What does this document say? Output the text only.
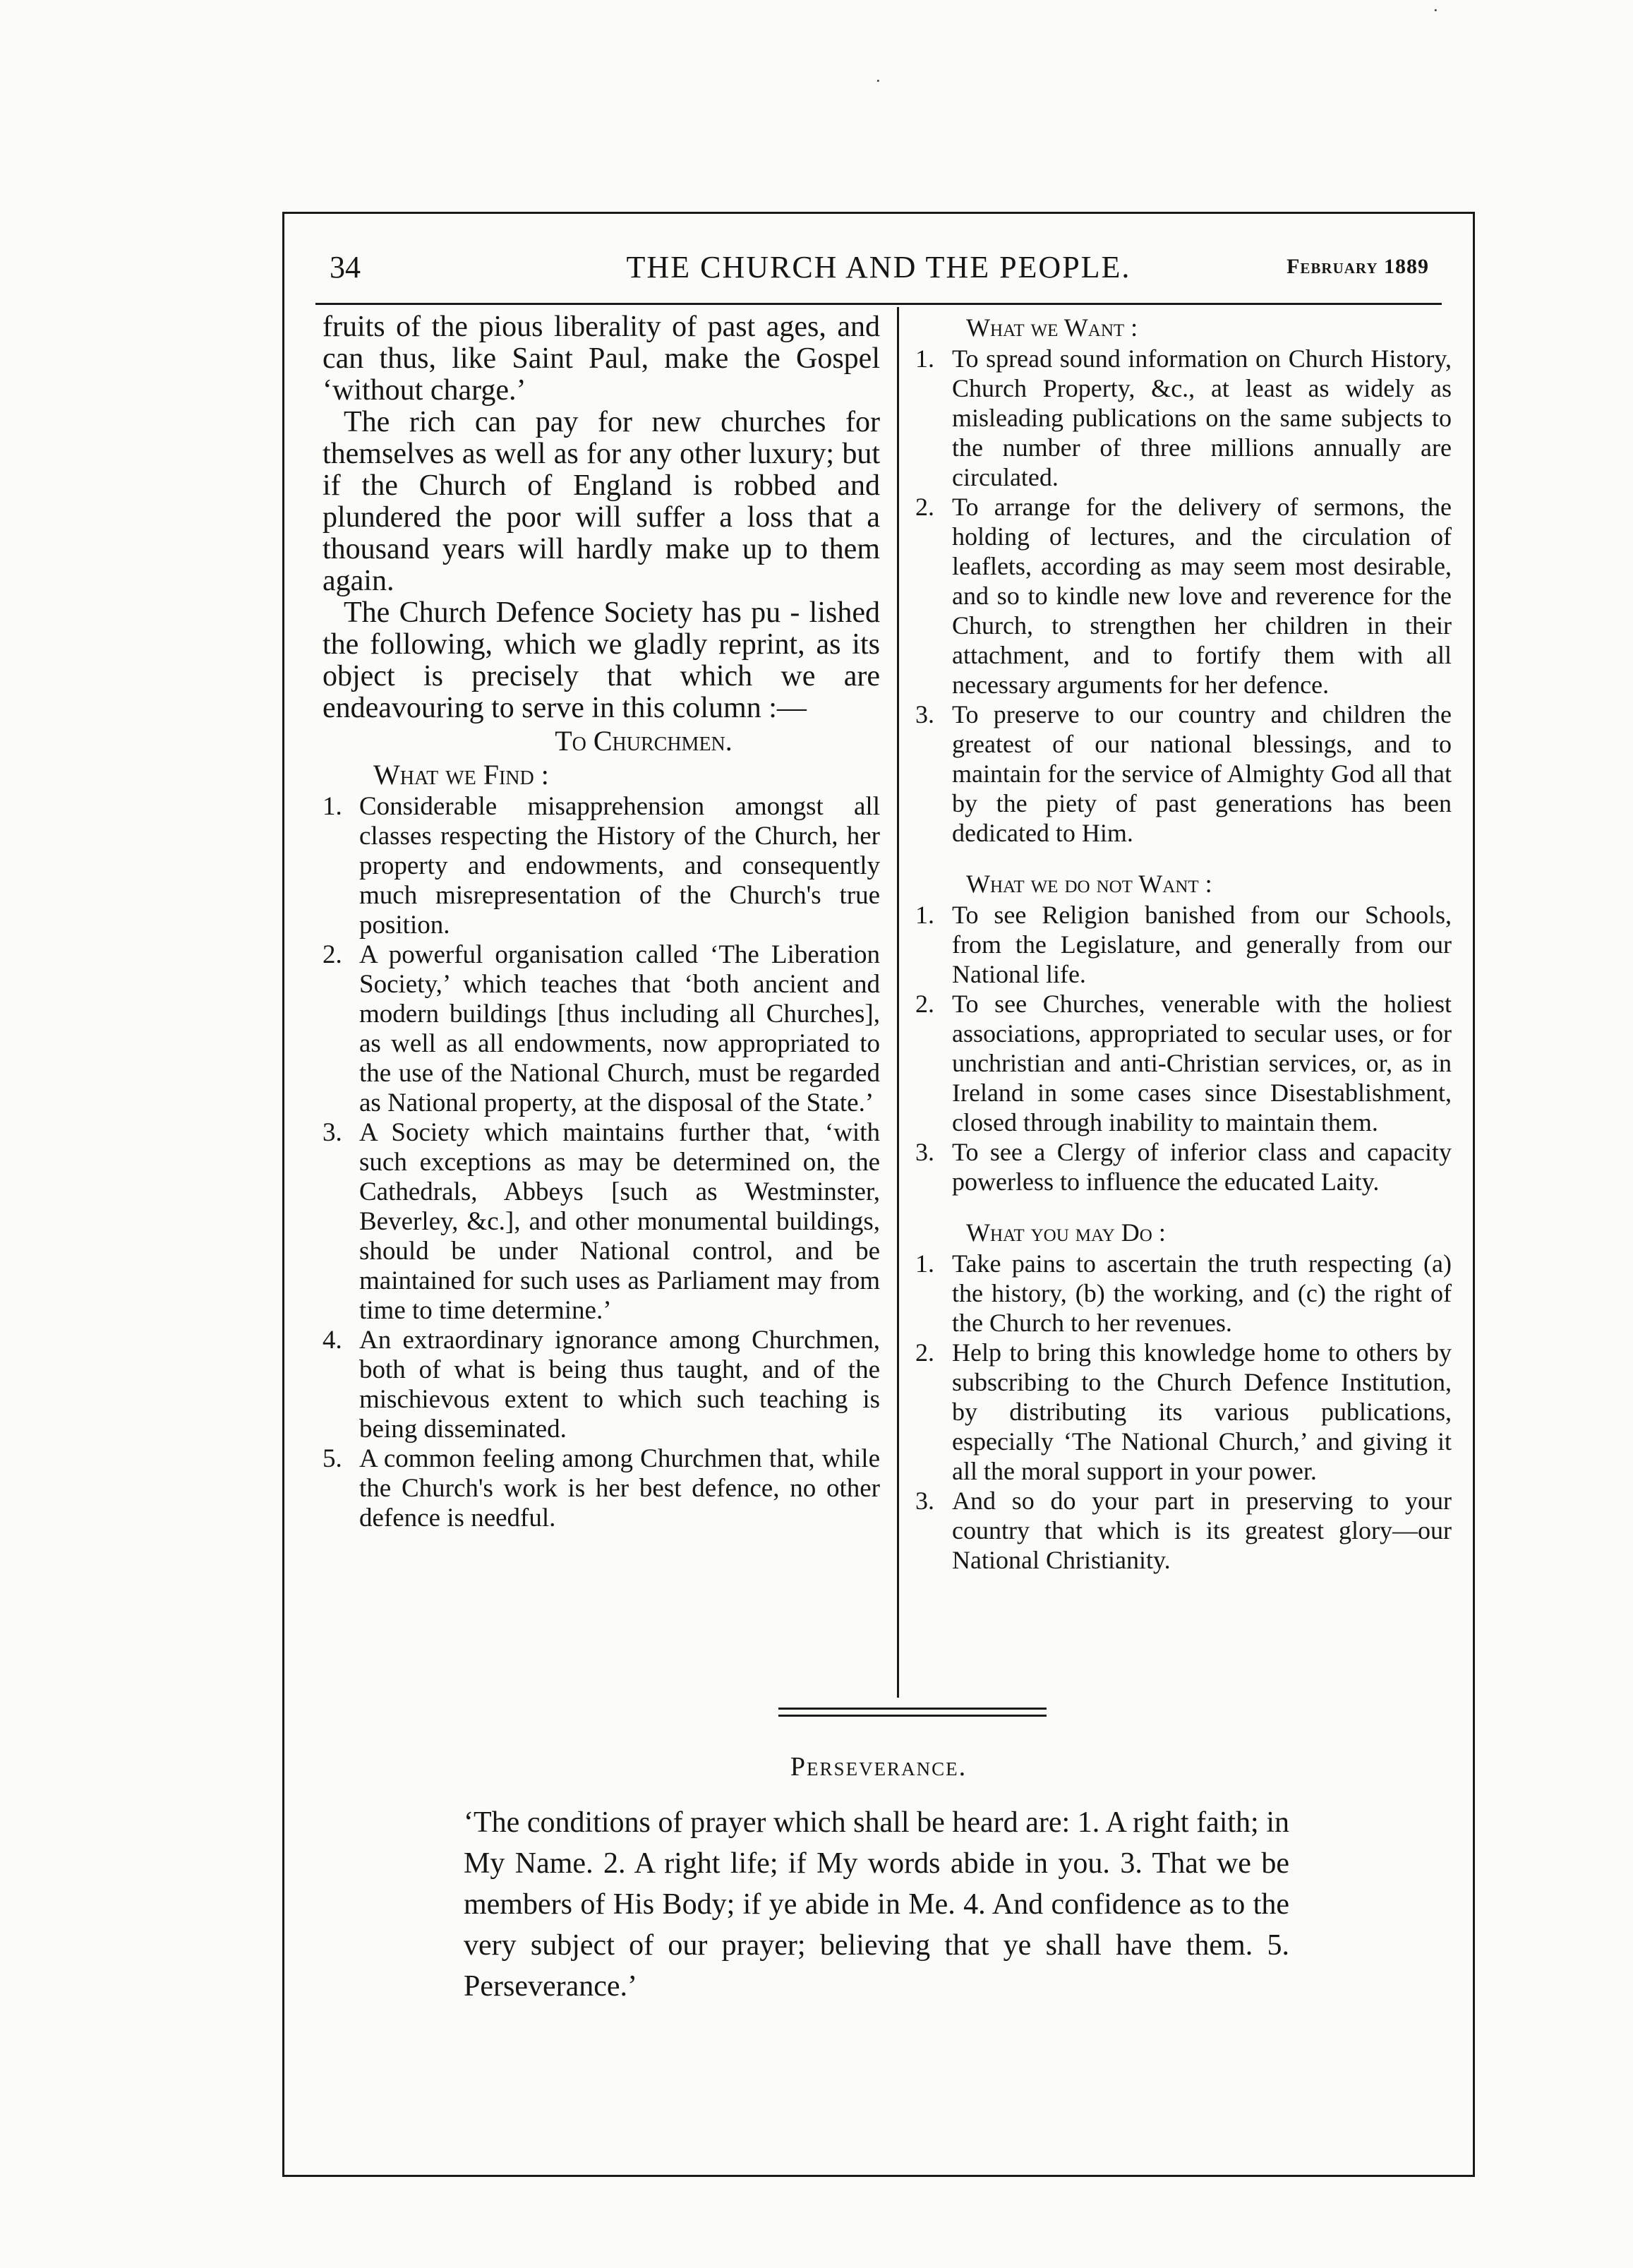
·
·
THE CHURCH AND THE PEOPLE.
34	February 1889

fruits of the pious liberality of past ages, and can thus, like Saint Paul, make the Gospel ‘without charge.’

The rich can pay for new churches for themselves as well as for any other luxury; but if the Church of England is robbed and plundered the poor will suffer a loss that a thousand years will hardly make up to them again.

The Church Defence Society has pu - lished the following, which we gladly reprint, as its object is precisely that which we are endeavouring to serve in this column :—

To Churchmen.

What we Find :

1. Considerable misapprehension amongst all classes respecting the History of the Church, her property and endowments, and consequently much misrepresentation of the Church's true position.
2. A powerful organisation called ‘The Liberation Society,’ which teaches that ‘both ancient and modern buildings [thus including all Churches], as well as all endowments, now appropriated to the use of the National Church, must be regarded as National property, at the disposal of the State.’
3. A Society which maintains further that, ‘with such exceptions as may be determined on, the Cathedrals, Abbeys [such as Westminster, Beverley, &c.], and other monumental buildings, should be under National control, and be maintained for such uses as Parliament may from time to time determine.’
4. An extraordinary ignorance among Churchmen, both of what is being thus taught, and of the mischievous extent to which such teaching is being disseminated.
5. A common feeling among Churchmen that, while the Church's work is her best defence, no other defence is needful.

What we Want :

1. To spread sound information on Church History, Church Property, &c., at least as widely as misleading publications on the same subjects to the number of three millions annually are circulated.
2. To arrange for the delivery of sermons, the holding of lectures, and the circulation of leaflets, according as may seem most desirable, and so to kindle new love and reverence for the Church, to strengthen her children in their attachment, and to fortify them with all necessary arguments for her defence.
3. To preserve to our country and children the greatest of our national blessings, and to maintain for the service of Almighty God all that by the piety of past generations has been dedicated to Him.

What we do not Want :

1. To see Religion banished from our Schools, from the Legislature, and generally from our National life.
2. To see Churches, venerable with the holiest associations, appropriated to secular uses, or for unchristian and anti-Christian services, or, as in Ireland in some cases since Disestablishment, closed through inability to maintain them.
3. To see a Clergy of inferior class and capacity powerless to influence the educated Laity.

What you may Do :

1. Take pains to ascertain the truth respecting (a) the history, (b) the working, and (c) the right of the Church to her revenues.
2. Help to bring this knowledge home to others by subscribing to the Church Defence Institution, by distributing its various publications, especially ‘The National Church,’ and giving it all the moral support in your power.
3. And so do your part in preserving to your country that which is its greatest glory—our National Christianity.
Perseverance.
‘The conditions of prayer which shall be heard are: 1. A right faith; in My Name. 2. A right life; if My words abide in you. 3. That we be members of His Body; if ye abide in Me. 4. And confidence as to the very subject of our prayer; believing that ye shall have them. 5. Perseverance.’
